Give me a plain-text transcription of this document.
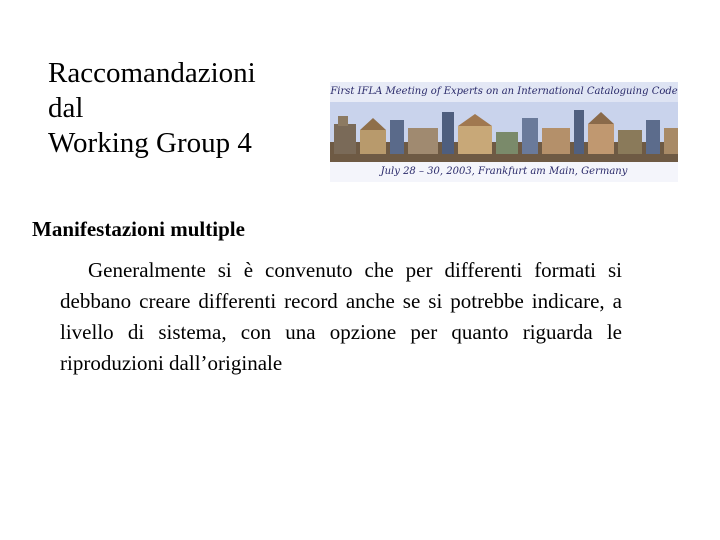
Raccomandazioni
dal
Working Group 4
First IFLA Meeting of Experts on an International Cataloguing Code
July 28 – 30, 2003, Frankfurt am Main, Germany
Manifestazioni multiple

Generalmente si è convenuto che per differenti formati si debbano creare differenti record anche se si potrebbe indicare, a livello di sistema, con una opzione per quanto riguarda le riproduzioni dall’originale
